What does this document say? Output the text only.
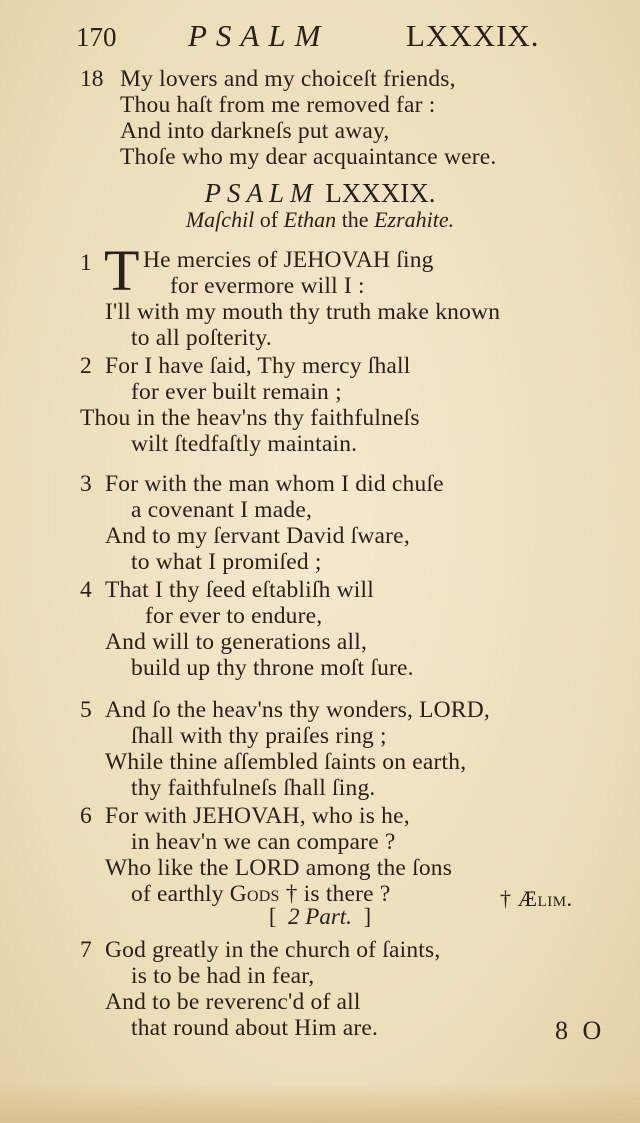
170 PSALM LXXXIX.
18 My lovers and my choiceſt friends,
Thou haſt from me removed far :
And into darkneſs put away,
Thoſe who my dear acquaintance were.
PSALM LXXXIX.
Maſchil of Ethan the Ezrahite.
1 T He mercies of JEHOVAH ſing
for evermore will I :
I'll with my mouth thy truth make known
to all poſterity.
2 For I have ſaid, Thy mercy ſhall
for ever built remain ;
Thou in the heav'ns thy faithfulneſs
wilt ſtedfaſtly maintain.
3 For with the man whom I did chuſe
a covenant I made,
And to my ſervant David ſware,
to what I promiſed ;
4 That I thy ſeed eſtabliſh will
for ever to endure,
And will to generations all,
build up thy throne moſt ſure.
5 And ſo the heav'ns thy wonders, LORD,
ſhall with thy praiſes ring ;
While thine aſſembled ſaints on earth,
thy faithfulneſs ſhall ſing.
6 For with JEHOVAH, who is he,
in heav'n we can compare ?
Who like the LORD among the ſons
of earthly Gods † is there ?	† Ælim.
[ 2 Part. ]
7 God greatly in the church of ſaints,
is to be had in fear,
And to be reverenc'd of all
that round about Him are.	8 O
